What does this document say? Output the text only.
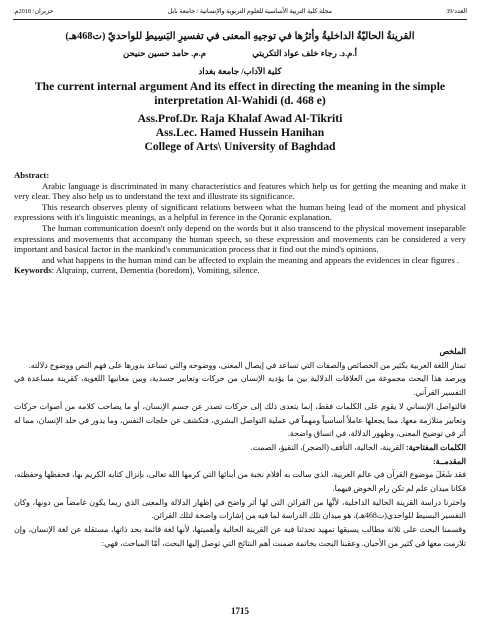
العدد/39
مجلة كلية التربية الأساسية للعلوم التربوية والإنسانية / جامعة بابل
حزيران/ 2018م.
القرينةُ الحاليّةُ الداخليةُ وأثرُها في توجيهِ المعنى في تفسيرِ البَسِيطِ للواحديّ (ت468هـ)
أ.م.د. رجاء خلف عواد التكريتي م.م. حامد حسين حنيحن
كلية الآداب/ جامعة بغداد
The current internal argument And its effect in directing the meaning in the simple interpretation Al-Wahidi (d. 468 e)
Ass.Prof.Dr. Raja Khalaf Awad Al-Tikriti
Ass.Lec. Hamed Hussein Hanihan
College of Arts\ University of Baghdad
Abstract:

Arabic language is discriminated in many characteristics and features which help us for getting the meaning and make it very clear. They also help us to understand the text and illustrate its significance.

This research observes plenty of significant relations between what the human being lead of the moment and physical expressions with it's linguistic meanings, as a helpful in ference in the Qoranic explanation.

The human communication doesn't only depend on the words but it also transcend to the physical movement inseparable expressions and movements that accompany the human speech, so these expression and movements can be considered a very important and basical factor in the mankind's communication process that it find out the mind's opinions.

and what happens in the human mind can be affected to explain the meaning and appears the evidences in clear figures .

Keywords: Alqrainp, current, Dementia (boredom), Vomiting, silence.
الملخص

تمتاز اللغة العربية بكثير من الخصائص والصفات التي تساعد في إيصال المعنى، ووضوحه والتي تساعد بدورها على فهم النص ووضوح دلالته.

ويرصد هذا البحث مجموعة من العلاقات الدلالية بين ما يؤديه الإنسان من حركات وتعابير جسدية، وبين معانيها اللغوية، كقرينة مساعدة في التفسير القرآني.

فالتواصل الإنساني لا يقوم على الكلمات فقط، إنما يتعدى ذلك إلى حركات تصدر عن جسم الإنسان، أو ما يصاحب كلامه من أصوات حركات وتعابير متلازمة معها، مما يجعلها عاملاً أساسياً ومهماً في عملية التواصل البشري، فتكشف عن خلجات النفس، وما يدور في خلد الإنسان، مما له أثر في توضيح المعنى، وظهور الدلالة، في اتساق واضحة.

الكلمات المفتاحية: القرينة، الحالية، التأفف (الضجر)، التقيؤ، الصمت.
المقدمــة:

فقد شَغَلَ موضوع القرآن في عالم العربية، الذي سالت به أقلام نخبة من أبنائها التي كرمها الله تعالى، بإنزال كتابه الكريم بها، فحفظها وحفظته، فكانا ميدان علم لم تكن رام الخوض فيهما.

واخترنا دراسة القرينة الحالية الداخلية، لأنَّها من القرائن التي لها أثر واضح في إظهار الدلالة والمعنى الذي ربما يكون غامضاً من دونها، وكان التفسير البسيط للواحدي(ت468هـ)، هو ميدان تلك الدراسة لما فيه من إشارات واضحة لتلك القرائن.

وقسمنا البحث على ثلاثة مطالب يسبقها تمهيد تحدثنا فيه عن القرينة الحالية وأهميتها، لأنها لغة قائمة بحد ذاتها، مستقلة عن لغة الإنسان، وإن تلازمت معها في كثير من الأحيان. وعقبنا البحث بخاتمة ضمنت أهم النتائج التي توصل إليها البحث، أمّا المباحث، فهي:

1715
